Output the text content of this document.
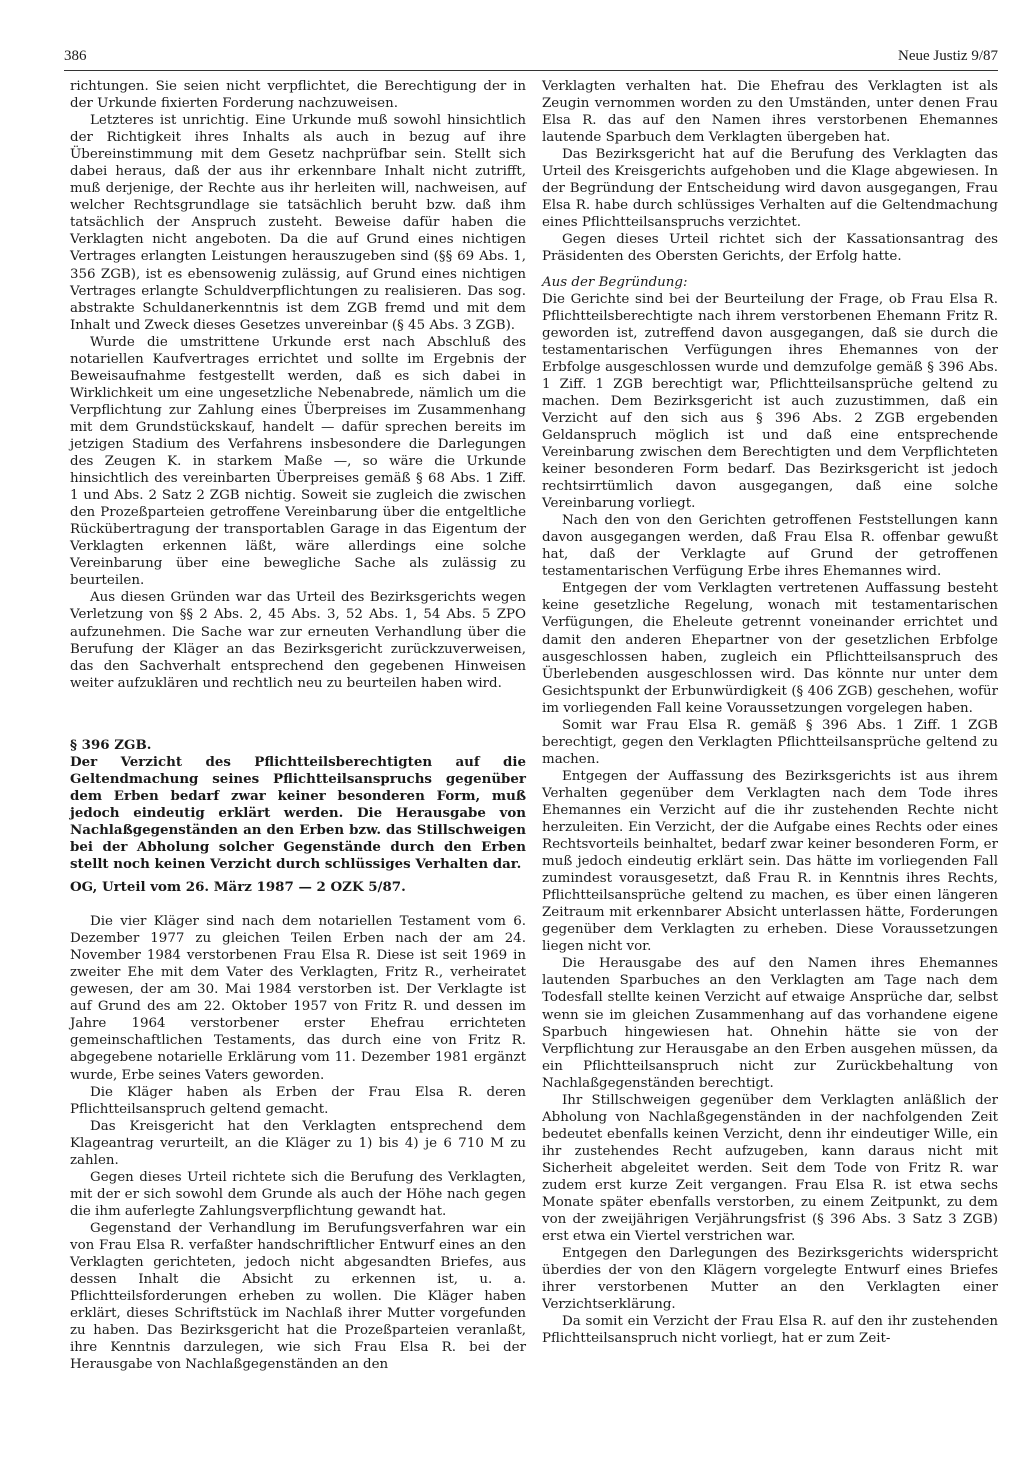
386	Neue Justiz 9/87

richtungen. Sie seien nicht verpflichtet, die Berechtigung der in der Urkunde fixierten Forderung nachzuweisen.

Letzteres ist unrichtig. Eine Urkunde muß sowohl hinsichtlich der Richtigkeit ihres Inhalts als auch in bezug auf ihre Übereinstimmung mit dem Gesetz nachprüfbar sein. Stellt sich dabei heraus, daß der aus ihr erkennbare Inhalt nicht zutrifft, muß derjenige, der Rechte aus ihr herleiten will, nachweisen, auf welcher Rechtsgrundlage sie tatsächlich beruht bzw. daß ihm tatsächlich der Anspruch zusteht. Beweise dafür haben die Verklagten nicht angeboten. Da die auf Grund eines nichtigen Vertrages erlangten Leistungen herauszugeben sind (§§ 69 Abs. 1, 356 ZGB), ist es ebensowenig zulässig, auf Grund eines nichtigen Vertrages erlangte Schuldverpflichtungen zu realisieren. Das sog. abstrakte Schuldanerkenntnis ist dem ZGB fremd und mit dem Inhalt und Zweck dieses Gesetzes unvereinbar (§ 45 Abs. 3 ZGB).

Wurde die umstrittene Urkunde erst nach Abschluß des notariellen Kaufvertrages errichtet und sollte im Ergebnis der Beweisaufnahme festgestellt werden, daß es sich dabei in Wirklichkeit um eine ungesetzliche Nebenabrede, nämlich um die Verpflichtung zur Zahlung eines Überpreises im Zusammenhang mit dem Grundstückskauf, handelt — dafür sprechen bereits im jetzigen Stadium des Verfahrens insbesondere die Darlegungen des Zeugen K. in starkem Maße —, so wäre die Urkunde hinsichtlich des vereinbarten Überpreises gemäß § 68 Abs. 1 Ziff. 1 und Abs. 2 Satz 2 ZGB nichtig. Soweit sie zugleich die zwischen den Prozeßparteien getroffene Vereinbarung über die entgeltliche Rückübertragung der transportablen Garage in das Eigentum der Verklagten erkennen läßt, wäre allerdings eine solche Vereinbarung über eine bewegliche Sache als zulässig zu beurteilen.

Aus diesen Gründen war das Urteil des Bezirksgerichts wegen Verletzung von §§ 2 Abs. 2, 45 Abs. 3, 52 Abs. 1, 54 Abs. 5 ZPO aufzunehmen. Die Sache war zur erneuten Verhandlung über die Berufung der Kläger an das Bezirksgericht zurückzuverweisen, das den Sachverhalt entsprechend den gegebenen Hinweisen weiter aufzuklären und rechtlich neu zu beurteilen haben wird.

§ 396 ZGB.

Der Verzicht des Pflichtteilsberechtigten auf die Geltendmachung seines Pflichtteilsanspruchs gegenüber dem Erben bedarf zwar keiner besonderen Form, muß jedoch eindeutig erklärt werden. Die Herausgabe von Nachlaßgegenständen an den Erben bzw. das Stillschweigen bei der Abholung solcher Gegenstände durch den Erben stellt noch keinen Verzicht durch schlüssiges Verhalten dar.

OG, Urteil vom 26. März 1987 — 2 OZK 5/87.

Die vier Kläger sind nach dem notariellen Testament vom 6. Dezember 1977 zu gleichen Teilen Erben nach der am 24. November 1984 verstorbenen Frau Elsa R. Diese ist seit 1969 in zweiter Ehe mit dem Vater des Verklagten, Fritz R., verheiratet gewesen, der am 30. Mai 1984 verstorben ist. Der Verklagte ist auf Grund des am 22. Oktober 1957 von Fritz R. und dessen im Jahre 1964 verstorbener erster Ehefrau errichteten gemeinschaftlichen Testaments, das durch eine von Fritz R. abgegebene notarielle Erklärung vom 11. Dezember 1981 ergänzt wurde, Erbe seines Vaters geworden.

Die Kläger haben als Erben der Frau Elsa R. deren Pflichtteilsanspruch geltend gemacht.

Das Kreisgericht hat den Verklagten entsprechend dem Klageantrag verurteilt, an die Kläger zu 1) bis 4) je 6 710 M zu zahlen.

Gegen dieses Urteil richtete sich die Berufung des Verklagten, mit der er sich sowohl dem Grunde als auch der Höhe nach gegen die ihm auferlegte Zahlungsverpflichtung gewandt hat.

Gegenstand der Verhandlung im Berufungsverfahren war ein von Frau Elsa R. verfaßter handschriftlicher Entwurf eines an den Verklagten gerichteten, jedoch nicht abgesandten Briefes, aus dessen Inhalt die Absicht zu erkennen ist, u. a. Pflichtteilsforderungen erheben zu wollen. Die Kläger haben erklärt, dieses Schriftstück im Nachlaß ihrer Mutter vorgefunden zu haben. Das Bezirksgericht hat die Prozeßparteien veranlaßt, ihre Kenntnis darzulegen, wie sich Frau Elsa R. bei der Herausgabe von Nachlaßgegenständen an den

Verklagten verhalten hat. Die Ehefrau des Verklagten ist als Zeugin vernommen worden zu den Umständen, unter denen Frau Elsa R. das auf den Namen ihres verstorbenen Ehemannes lautende Sparbuch dem Verklagten übergeben hat.

Das Bezirksgericht hat auf die Berufung des Verklagten das Urteil des Kreisgerichts aufgehoben und die Klage abgewiesen. In der Begründung der Entscheidung wird davon ausgegangen, Frau Elsa R. habe durch schlüssiges Verhalten auf die Geltendmachung eines Pflichtteilsanspruchs verzichtet.

Gegen dieses Urteil richtet sich der Kassationsantrag des Präsidenten des Obersten Gerichts, der Erfolg hatte.

Aus der Begründung:

Die Gerichte sind bei der Beurteilung der Frage, ob Frau Elsa R. Pflichtteilsberechtigte nach ihrem verstorbenen Ehemann Fritz R. geworden ist, zutreffend davon ausgegangen, daß sie durch die testamentarischen Verfügungen ihres Ehemannes von der Erbfolge ausgeschlossen wurde und demzufolge gemäß § 396 Abs. 1 Ziff. 1 ZGB berechtigt war, Pflichtteilsansprüche geltend zu machen. Dem Bezirksgericht ist auch zuzustimmen, daß ein Verzicht auf den sich aus § 396 Abs. 2 ZGB ergebenden Geldanspruch möglich ist und daß eine entsprechende Vereinbarung zwischen dem Berechtigten und dem Verpflichteten keiner besonderen Form bedarf. Das Bezirksgericht ist jedoch rechtsirrtümlich davon ausgegangen, daß eine solche Vereinbarung vorliegt.

Nach den von den Gerichten getroffenen Feststellungen kann davon ausgegangen werden, daß Frau Elsa R. offenbar gewußt hat, daß der Verklagte auf Grund der getroffenen testamentarischen Verfügung Erbe ihres Ehemannes wird.

Entgegen der vom Verklagten vertretenen Auffassung besteht keine gesetzliche Regelung, wonach mit testamentarischen Verfügungen, die Eheleute getrennt voneinander errichtet und damit den anderen Ehepartner von der gesetzlichen Erbfolge ausgeschlossen haben, zugleich ein Pflichtteilsanspruch des Überlebenden ausgeschlossen wird. Das könnte nur unter dem Gesichtspunkt der Erbunwürdigkeit (§ 406 ZGB) geschehen, wofür im vorliegenden Fall keine Voraussetzungen vorgelegen haben.

Somit war Frau Elsa R. gemäß § 396 Abs. 1 Ziff. 1 ZGB berechtigt, gegen den Verklagten Pflichtteilsansprüche geltend zu machen.

Entgegen der Auffassung des Bezirksgerichts ist aus ihrem Verhalten gegenüber dem Verklagten nach dem Tode ihres Ehemannes ein Verzicht auf die ihr zustehenden Rechte nicht herzuleiten. Ein Verzicht, der die Aufgabe eines Rechts oder eines Rechtsvorteils beinhaltet, bedarf zwar keiner besonderen Form, er muß jedoch eindeutig erklärt sein. Das hätte im vorliegenden Fall zumindest vorausgesetzt, daß Frau R. in Kenntnis ihres Rechts, Pflichtteilsansprüche geltend zu machen, es über einen längeren Zeitraum mit erkennbarer Absicht unterlassen hätte, Forderungen gegenüber dem Verklagten zu erheben. Diese Voraussetzungen liegen nicht vor.

Die Herausgabe des auf den Namen ihres Ehemannes lautenden Sparbuches an den Verklagten am Tage nach dem Todesfall stellte keinen Verzicht auf etwaige Ansprüche dar, selbst wenn sie im gleichen Zusammenhang auf das vorhandene eigene Sparbuch hingewiesen hat. Ohnehin hätte sie von der Verpflichtung zur Herausgabe an den Erben ausgehen müssen, da ein Pflichtteilsanspruch nicht zur Zurückbehaltung von Nachlaßgegenständen berechtigt.

Ihr Stillschweigen gegenüber dem Verklagten anläßlich der Abholung von Nachlaßgegenständen in der nachfolgenden Zeit bedeutet ebenfalls keinen Verzicht, denn ihr eindeutiger Wille, ein ihr zustehendes Recht aufzugeben, kann daraus nicht mit Sicherheit abgeleitet werden. Seit dem Tode von Fritz R. war zudem erst kurze Zeit vergangen. Frau Elsa R. ist etwa sechs Monate später ebenfalls verstorben, zu einem Zeitpunkt, zu dem von der zweijährigen Verjährungsfrist (§ 396 Abs. 3 Satz 3 ZGB) erst etwa ein Viertel verstrichen war.

Entgegen den Darlegungen des Bezirksgerichts widerspricht überdies der von den Klägern vorgelegte Entwurf eines Briefes ihrer verstorbenen Mutter an den Verklagten einer Verzichtserklärung.

Da somit ein Verzicht der Frau Elsa R. auf den ihr zustehenden Pflichtteilsanspruch nicht vorliegt, hat er zum Zeit-
